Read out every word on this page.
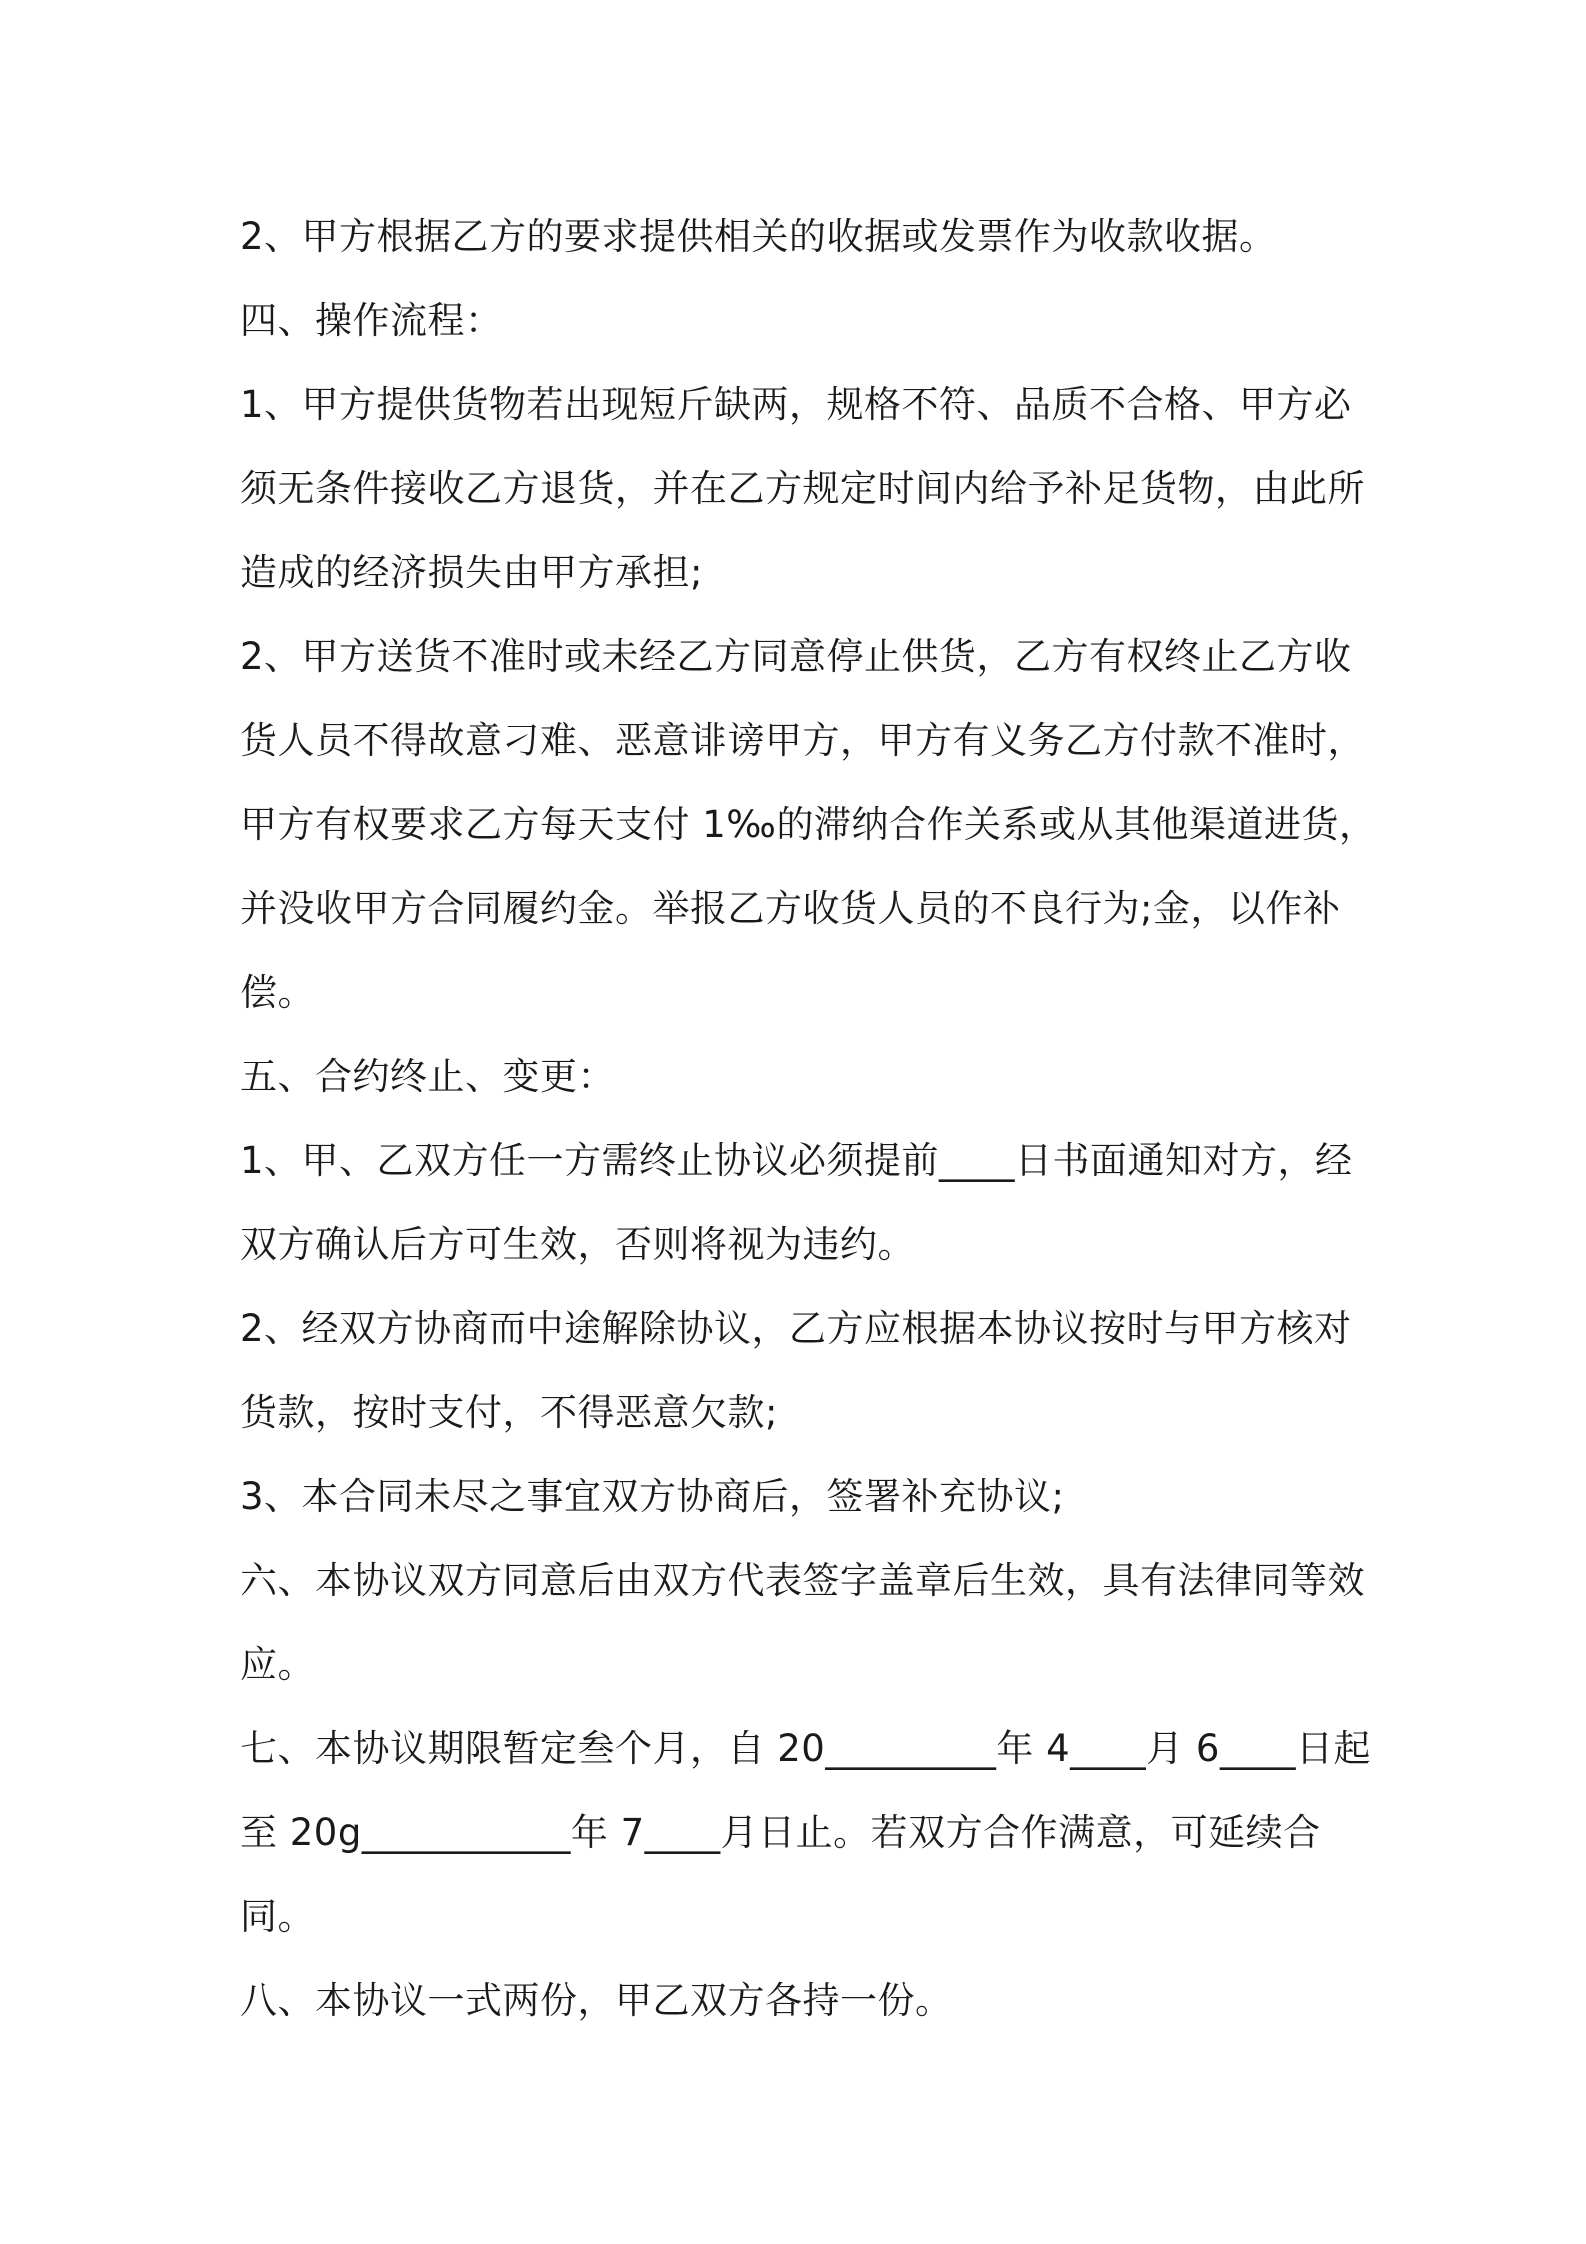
2、甲方根据乙方的要求提供相关的收据或发票作为收款收据。

四、操作流程：

1、甲方提供货物若出现短斤缺两，规格不符、品质不合格、甲方必

须无条件接收乙方退货，并在乙方规定时间内给予补足货物，由此所

造成的经济损失由甲方承担;

2、甲方送货不准时或未经乙方同意停止供货，乙方有权终止乙方收

货人员不得故意刁难、恶意诽谤甲方，甲方有义务乙方付款不准时，

甲方有权要求乙方每天支付 1‰的滞纳合作关系或从其他渠道进货，

并没收甲方合同履约金。举报乙方收货人员的不良行为;金，以作补

偿。

五、合约终止、变更：

1、甲、乙双方任一方需终止协议必须提前____日书面通知对方，经

双方确认后方可生效，否则将视为违约。

2、经双方协商而中途解除协议，乙方应根据本协议按时与甲方核对

货款，按时支付，不得恶意欠款;

3、本合同未尽之事宜双方协商后，签署补充协议;

六、本协议双方同意后由双方代表签字盖章后生效，具有法律同等效

应。

七、本协议期限暂定叁个月，自 20_________年 4____月 6____日起

至 20g___________年 7____月日止。若双方合作满意，可延续合

同。

八、本协议一式两份，甲乙双方各持一份。
